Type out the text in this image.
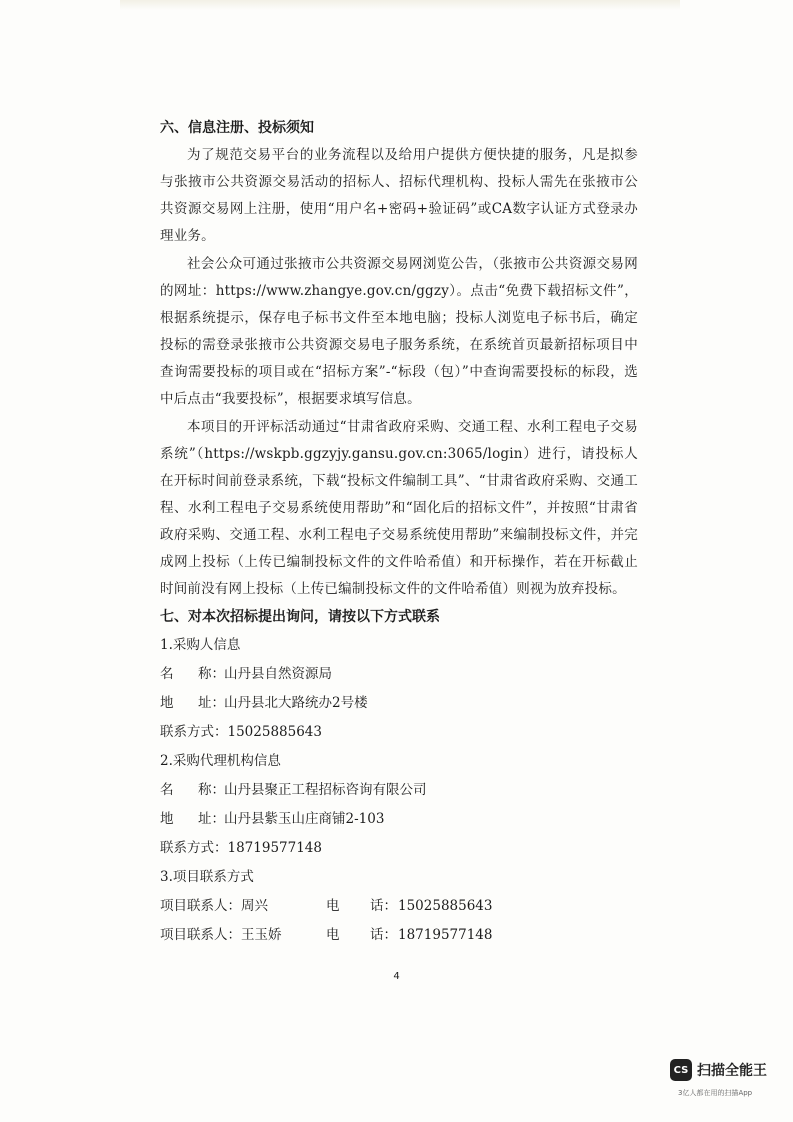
六、信息注册、投标须知

为了规范交易平台的业务流程以及给用户提供方便快捷的服务，凡是拟参与张掖市公共资源交易活动的招标人、招标代理机构、投标人需先在张掖市公共资源交易网上注册，使用“用户名+密码+验证码”或CA数字认证方式登录办理业务。

社会公众可通过张掖市公共资源交易网浏览公告，（张掖市公共资源交易网的网址：https://www.zhangye.gov.cn/ggzy）。点击“免费下载招标文件”，根据系统提示，保存电子标书文件至本地电脑；投标人浏览电子标书后，确定投标的需登录张掖市公共资源交易电子服务系统，在系统首页最新招标项目中查询需要投标的项目或在“招标方案”-“标段（包）”中查询需要投标的标段，选中后点击“我要投标”，根据要求填写信息。

本项目的开评标活动通过“甘肃省政府采购、交通工程、水利工程电子交易系统”（https://wskpb.ggzyjy.gansu.gov.cn:3065/login）进行，请投标人在开标时间前登录系统，下载“投标文件编制工具”、“甘肃省政府采购、交通工程、水利工程电子交易系统使用帮助”和“固化后的招标文件”，并按照“甘肃省政府采购、交通工程、水利工程电子交易系统使用帮助”来编制投标文件，并完成网上投标（上传已编制投标文件的文件哈希值）和开标操作，若在开标截止时间前没有网上投标（上传已编制投标文件的文件哈希值）则视为放弃投标。

七、对本次招标提出询问，请按以下方式联系

1.采购人信息

名 称：山丹县自然资源局

地 址：山丹县北大路统办2号楼

联系方式：15025885643

2.采购代理机构信息

名 称：山丹县聚正工程招标咨询有限公司

地 址：山丹县紫玉山庄商铺2-103

联系方式：18719577148

3.项目联系方式

项目联系人：周兴	电 话： 15025885643
项目联系人：王玉娇	电 话： 18719577148
4
CS 扫描全能王
3亿人都在用的扫描App
